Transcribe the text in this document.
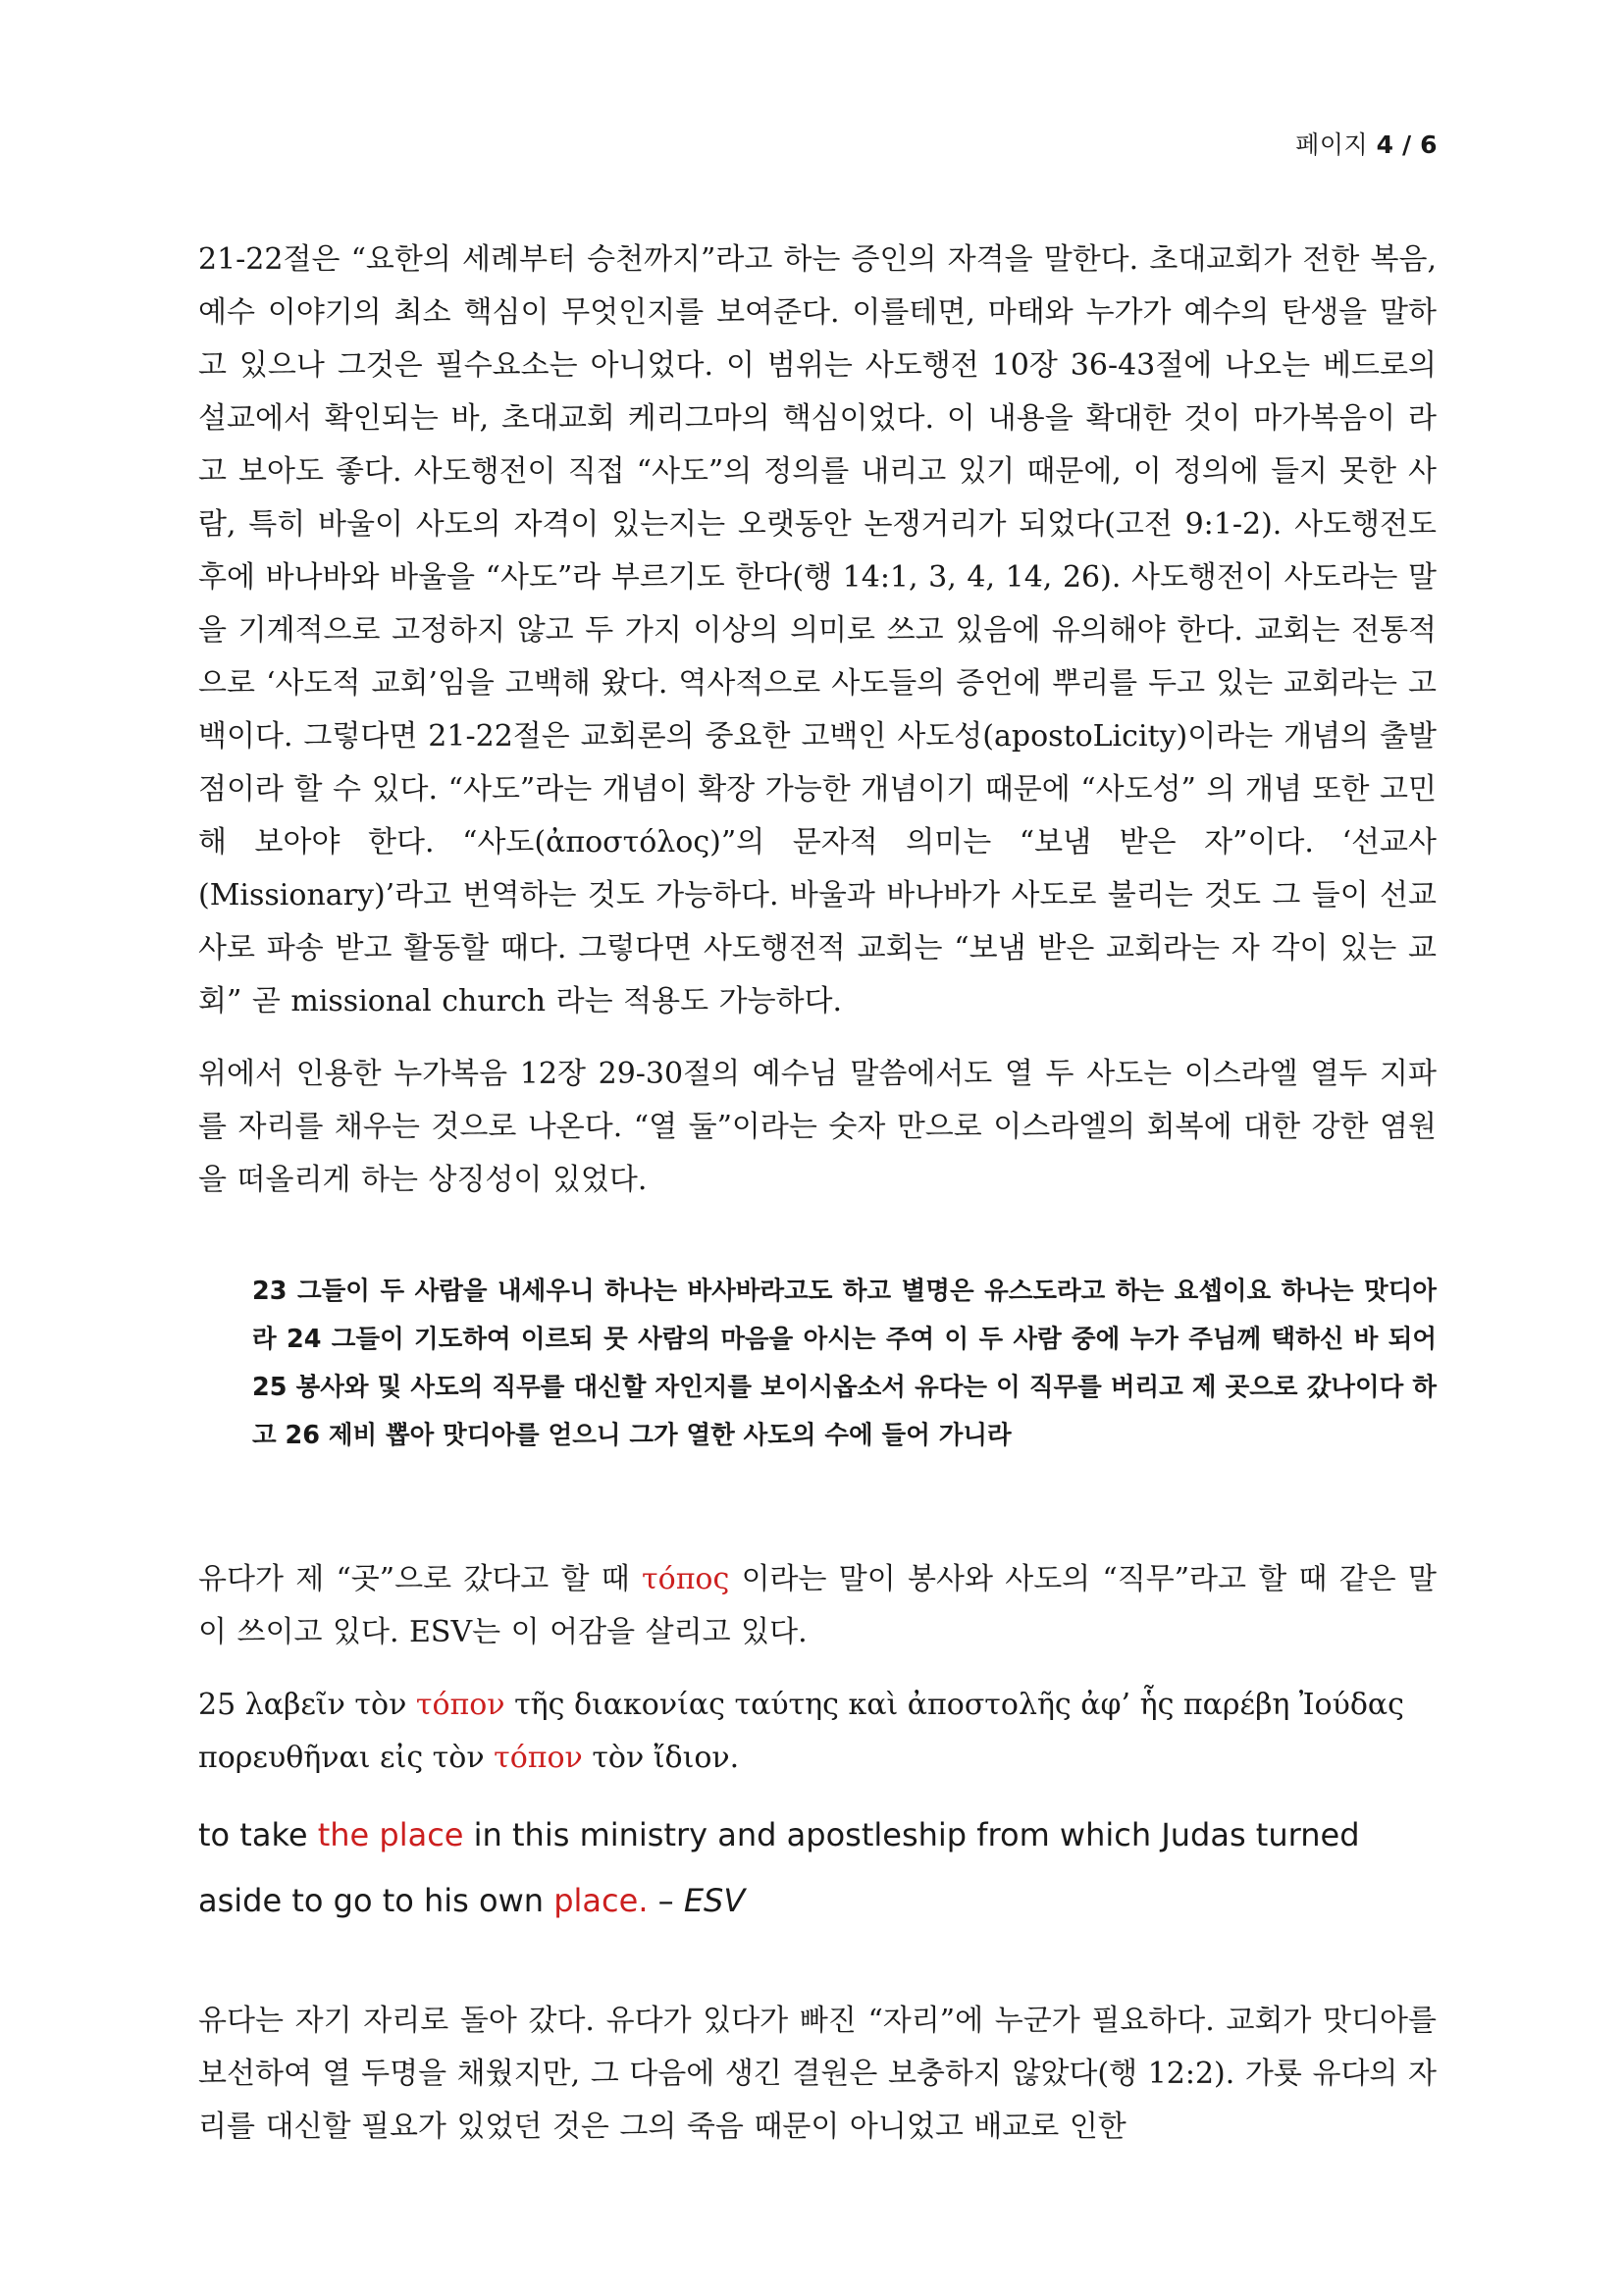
페이지 4 / 6

21-22절은 “요한의 세례부터 승천까지”라고 하는 증인의 자격을 말한다. 초대교회가 전한 복음, 예수 이야기의 최소 핵심이 무엇인지를 보여준다. 이를테면, 마태와 누가가 예수의 탄생을 말하고 있으나 그것은 필수요소는 아니었다. 이 범위는 사도행전 10장 36-43절에 나오는 베드로의 설교에서 확인되는 바, 초대교회 케리그마의 핵심이었다. 이 내용을 확대한 것이 마가복음이 라고 보아도 좋다. 사도행전이 직접 “사도”의 정의를 내리고 있기 때문에, 이 정의에 들지 못한 사람, 특히 바울이 사도의 자격이 있는지는 오랫동안 논쟁거리가 되었다(고전 9:1-2). 사도행전도 후에 바나바와 바울을 “사도”라 부르기도 한다(행 14:1, 3, 4, 14, 26). 사도행전이 사도라는 말을 기계적으로 고정하지 않고 두 가지 이상의 의미로 쓰고 있음에 유의해야 한다. 교회는 전통적으로 ‘사도적 교회’임을 고백해 왔다. 역사적으로 사도들의 증언에 뿌리를 두고 있는 교회라는 고백이다. 그렇다면 21-22절은 교회론의 중요한 고백인 사도성(apostoLicity)이라는 개념의 출발점이라 할 수 있다. “사도”라는 개념이 확장 가능한 개념이기 때문에 “사도성” 의 개념 또한 고민해 보아야 한다. “사도(ἀποστόλος)”의 문자적 의미는 “보냄 받은 자”이다. ‘선교사(Missionary)’라고 번역하는 것도 가능하다. 바울과 바나바가 사도로 불리는 것도 그 들이 선교사로 파송 받고 활동할 때다. 그렇다면 사도행전적 교회는 “보냄 받은 교회라는 자 각이 있는 교회” 곧 missional church 라는 적용도 가능하다.

위에서 인용한 누가복음 12장 29-30절의 예수님 말씀에서도 열 두 사도는 이스라엘 열두 지파를 자리를 채우는 것으로 나온다. “열 둘”이라는 숫자 만으로 이스라엘의 회복에 대한 강한 염원을 떠올리게 하는 상징성이 있었다.

23 그들이 두 사람을 내세우니 하나는 바사바라고도 하고 별명은 유스도라고 하는 요셉이요 하나는 맛디아라 24 그들이 기도하여 이르되 뭇 사람의 마음을 아시는 주여 이 두 사람 중에 누가 주님께 택하신 바 되어 25 봉사와 및 사도의 직무를 대신할 자인지를 보이시옵소서 유다는 이 직무를 버리고 제 곳으로 갔나이다 하고 26 제비 뽑아 맛디아를 얻으니 그가 열한 사도의 수에 들어 가니라

유다가 제 “곳”으로 갔다고 할 때 τόπος 이라는 말이 봉사와 사도의 “직무”라고 할 때 같은 말이 쓰이고 있다. ESV는 이 어감을 살리고 있다.

25 λαβεῖν τὸν τόπον τῆς διακονίας ταύτης καὶ ἀποστολῆς ἀφ’ ἧς παρέβη Ἰούδας πορευθῆναι εἰς τὸν τόπον τὸν ἴδιον.

to take the place in this ministry and apostleship from which Judas turned aside to go to his own place. – ESV

유다는 자기 자리로 돌아 갔다. 유다가 있다가 빠진 “자리”에 누군가 필요하다. 교회가 맛디아를 보선하여 열 두명을 채웠지만, 그 다음에 생긴 결원은 보충하지 않았다(행 12:2). 가룟 유다의 자리를 대신할 필요가 있었던 것은 그의 죽음 때문이 아니었고 배교로 인한
